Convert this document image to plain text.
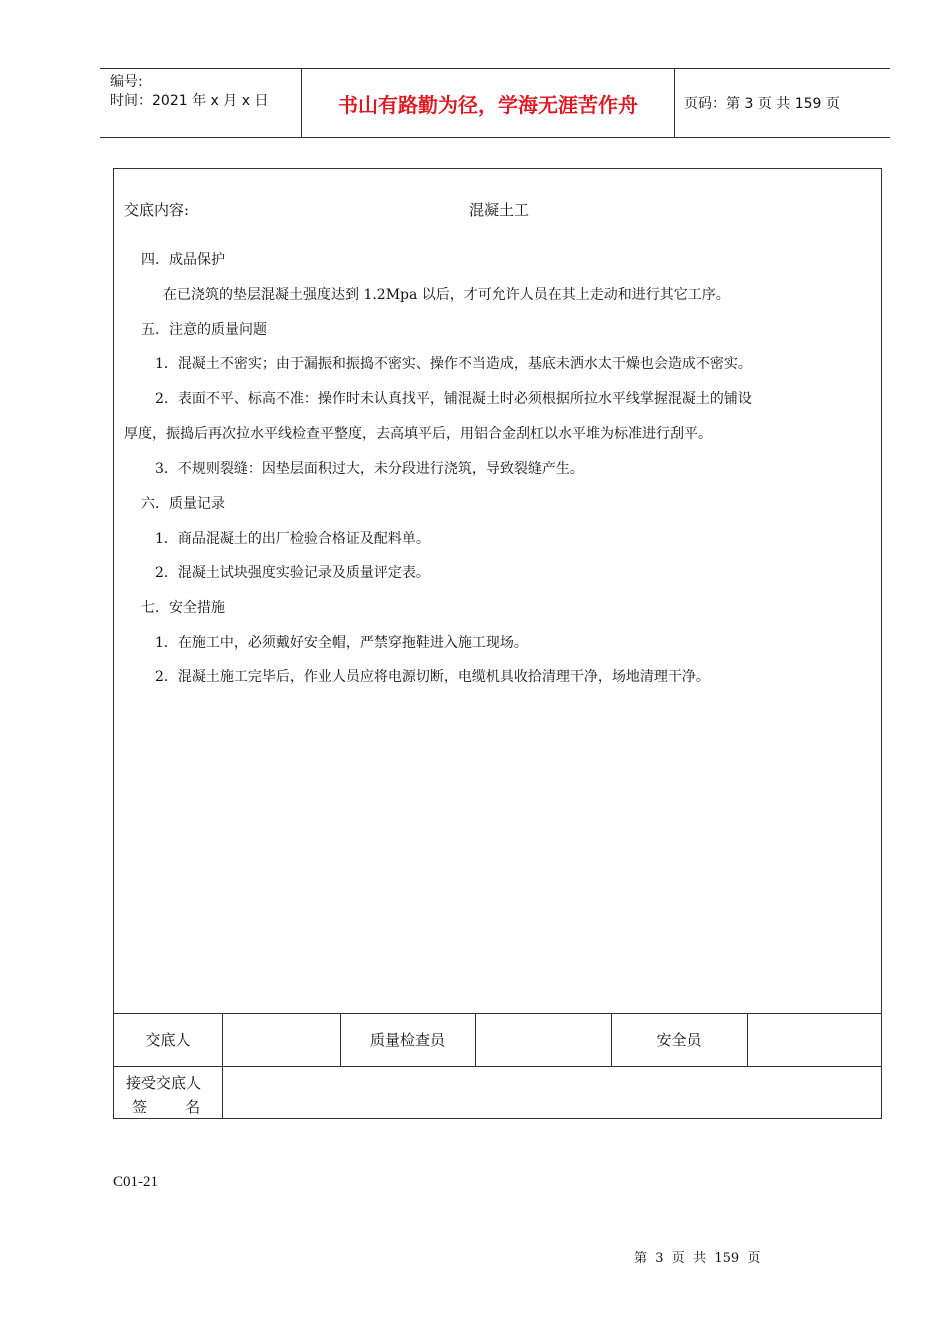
编号:
时间：2021 年 x 月 x 日	书山有路勤为径，学海无涯苦作舟	页码：第 3 页 共 159 页
交底内容:	混凝土工
四．成品保护
在已浇筑的垫层混凝土强度达到 1.2Mpa 以后，才可允许人员在其上走动和进行其它工序。
五．注意的质量问题
1．混凝土不密实；由于漏振和振捣不密实、操作不当造成，基底未洒水太干燥也会造成不密实。
2．表面不平、标高不准：操作时未认真找平，铺混凝土时必须根据所拉水平线掌握混凝土的铺设
厚度，振捣后再次拉水平线检查平整度，去高填平后，用铝合金刮杠以水平堆为标准进行刮平。
3．不规则裂缝：因垫层面积过大，未分段进行浇筑，导致裂缝产生。
六．质量记录
1．商品混凝土的出厂检验合格证及配料单。
2．混凝土试块强度实验记录及质量评定表。
七．安全措施
1．在施工中，必须戴好安全帽，严禁穿拖鞋进入施工现场。
2．混凝土施工完毕后，作业人员应将电源切断，电缆机具收拾清理干净，场地清理干净。
交底人	质量检查员	安全员
接受交底人
签        名
C01-21
第  3  页  共  159  页
